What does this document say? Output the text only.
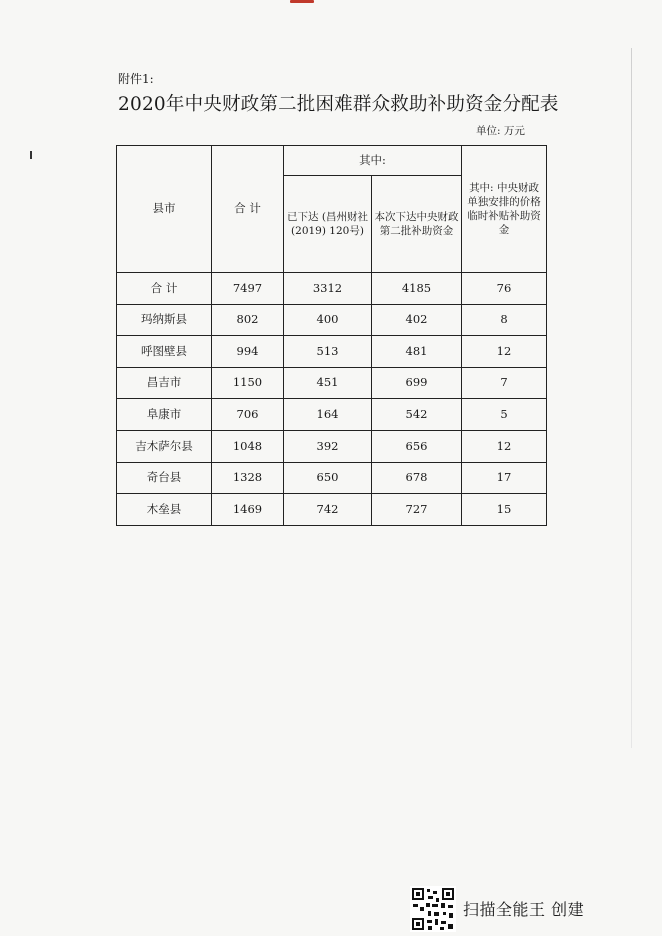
附件1:
2020年中央财政第二批困难群众救助补助资金分配表
单位: 万元
县市	合 计	其中:		其中: 中央财政单独安排的价格临时补贴补助资金
		已下达 (昌州财社 (2019) 120号)	本次下达中央财政第二批补助资金	
合 计	7497	3312	4185	76
玛纳斯县	802	400	402	8
呼图壁县	994	513	481	12
昌吉市	1150	451	699	7
阜康市	706	164	542	5
吉木萨尔县	1048	392	656	12
奇台县	1328	650	678	17
木垒县	1469	742	727	15
扫描全能王 创建
